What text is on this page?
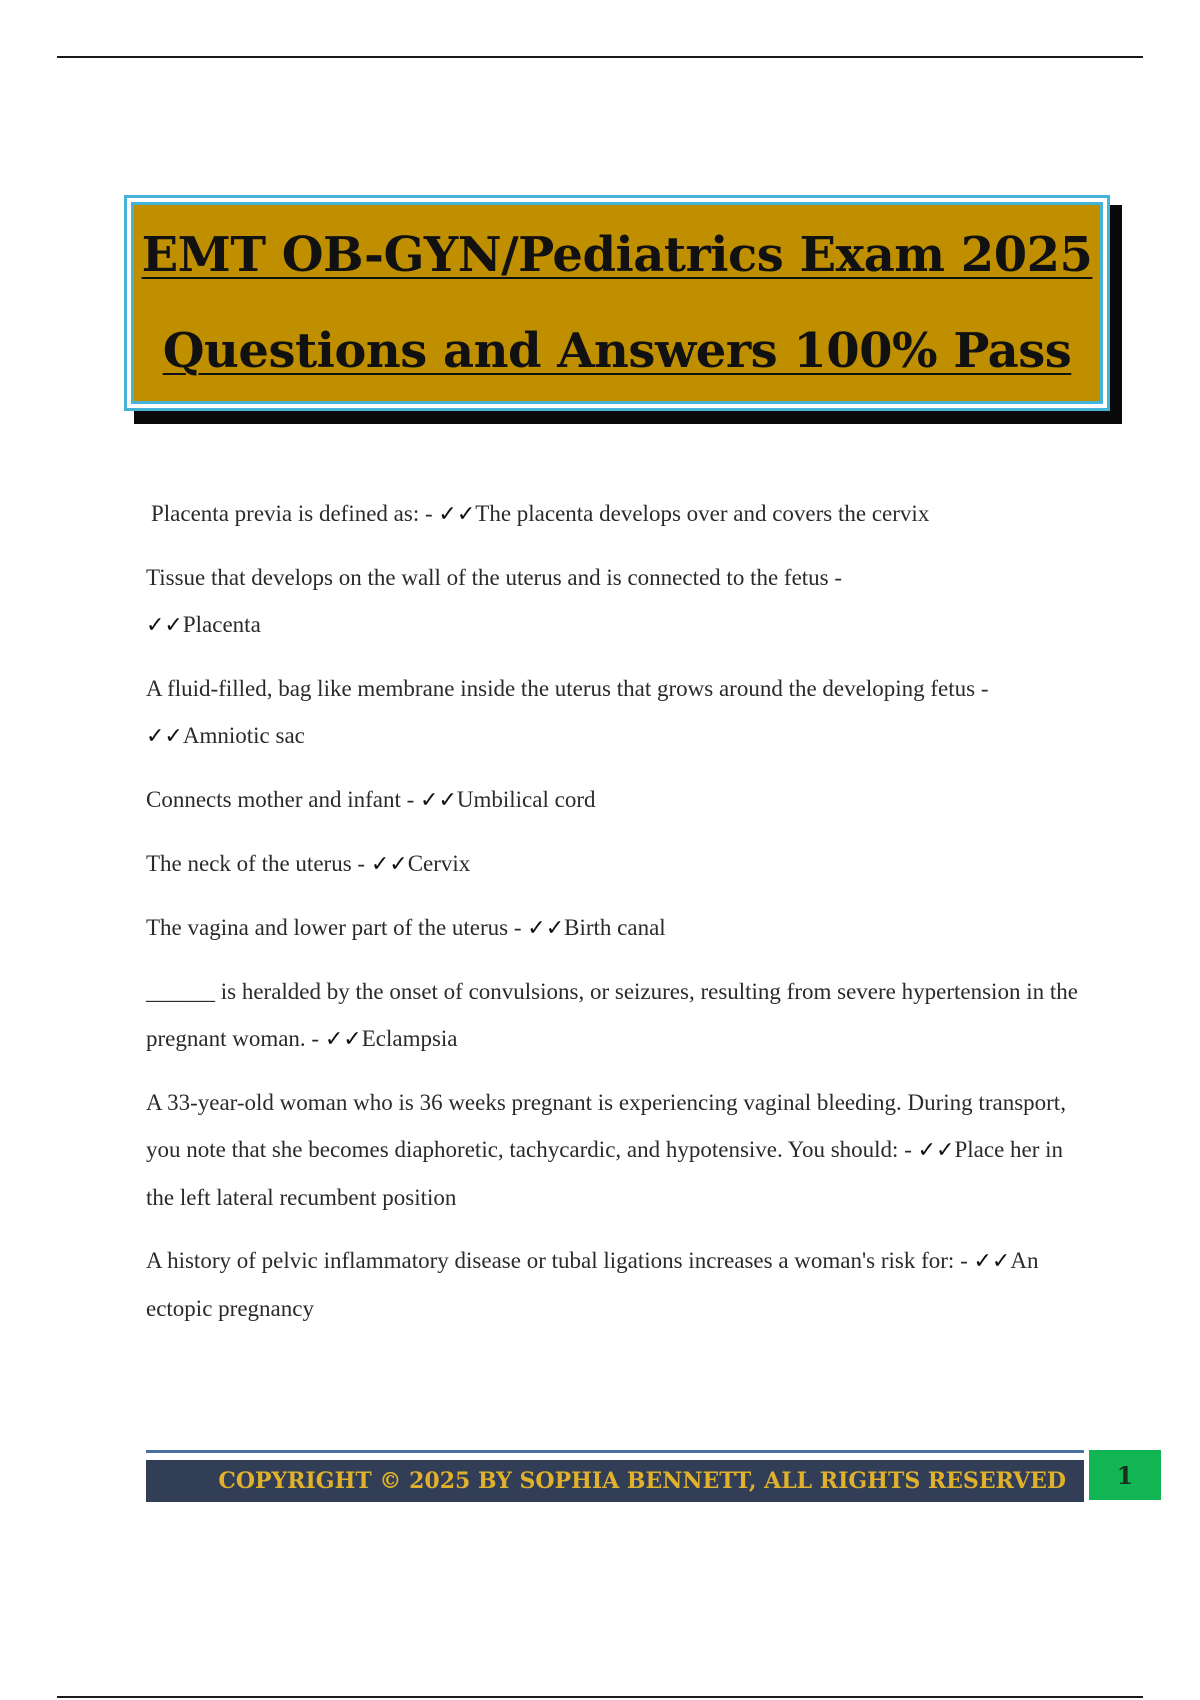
EMT OB-GYN/Pediatrics Exam 2025
Questions and Answers 100% Pass
Placenta previa is defined as: - ✓✓The placenta develops over and covers the cervix
Tissue that develops on the wall of the uterus and is connected to the fetus -
✓✓Placenta
A fluid-filled, bag like membrane inside the uterus that grows around the developing fetus - ✓✓Amniotic sac
Connects mother and infant - ✓✓Umbilical cord
The neck of the uterus - ✓✓Cervix
The vagina and lower part of the uterus - ✓✓Birth canal
______ is heralded by the onset of convulsions, or seizures, resulting from severe hypertension in the pregnant woman. - ✓✓Eclampsia
A 33-year-old woman who is 36 weeks pregnant is experiencing vaginal bleeding. During transport, you note that she becomes diaphoretic, tachycardic, and hypotensive. You should: - ✓✓Place her in the left lateral recumbent position
A history of pelvic inflammatory disease or tubal ligations increases a woman's risk for: - ✓✓An ectopic pregnancy
COPYRIGHT © 2025 BY SOPHIA BENNETT, ALL RIGHTS RESERVED 1
